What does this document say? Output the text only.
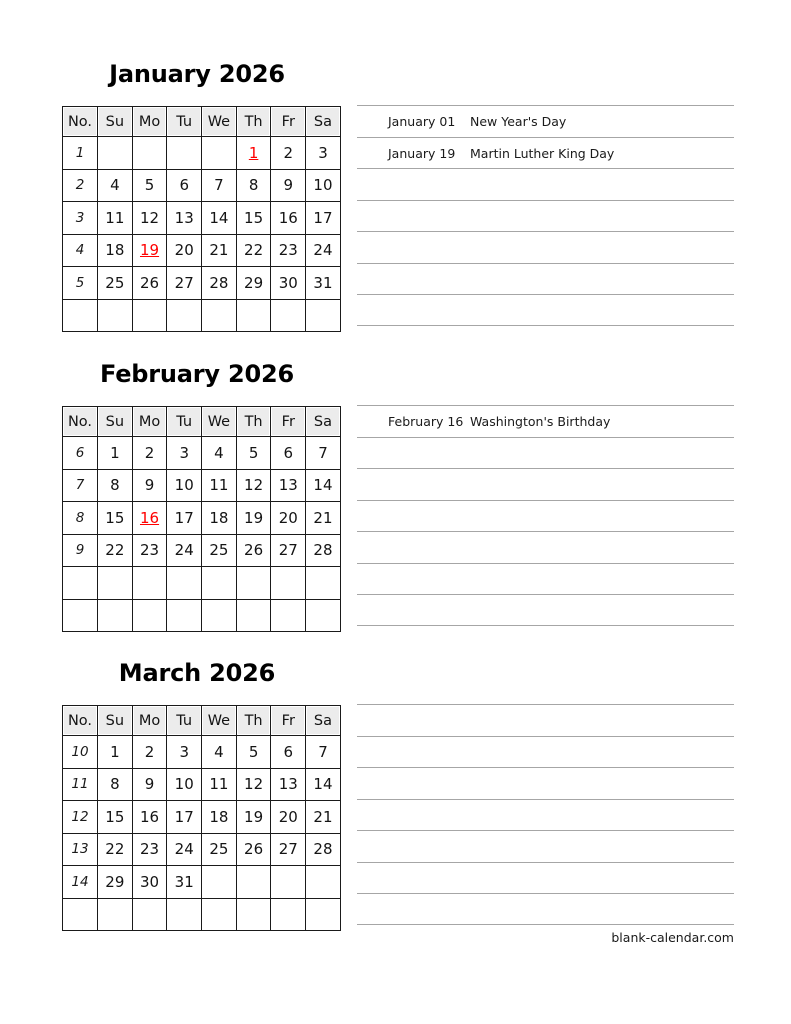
January 2026
No.	Su	Mo	Tu	We	Th	Fr	Sa
1					1	2	3
2	4	5	6	7	8	9	10
3	11	12	13	14	15	16	17
4	18	19	20	21	22	23	24
5	25	26	27	28	29	30	31

January 01 New Year's Day
January 19 Martin Luther King Day
February 2026
No.	Su	Mo	Tu	We	Th	Fr	Sa
6	1	2	3	4	5	6	7
7	8	9	10	11	12	13	14
8	15	16	17	18	19	20	21
9	22	23	24	25	26	27	28

February 16 Washington's Birthday
March 2026
No.	Su	Mo	Tu	We	Th	Fr	Sa
10	1	2	3	4	5	6	7
11	8	9	10	11	12	13	14
12	15	16	17	18	19	20	21
13	22	23	24	25	26	27	28
14	29	30	31				

blank-calendar.com
